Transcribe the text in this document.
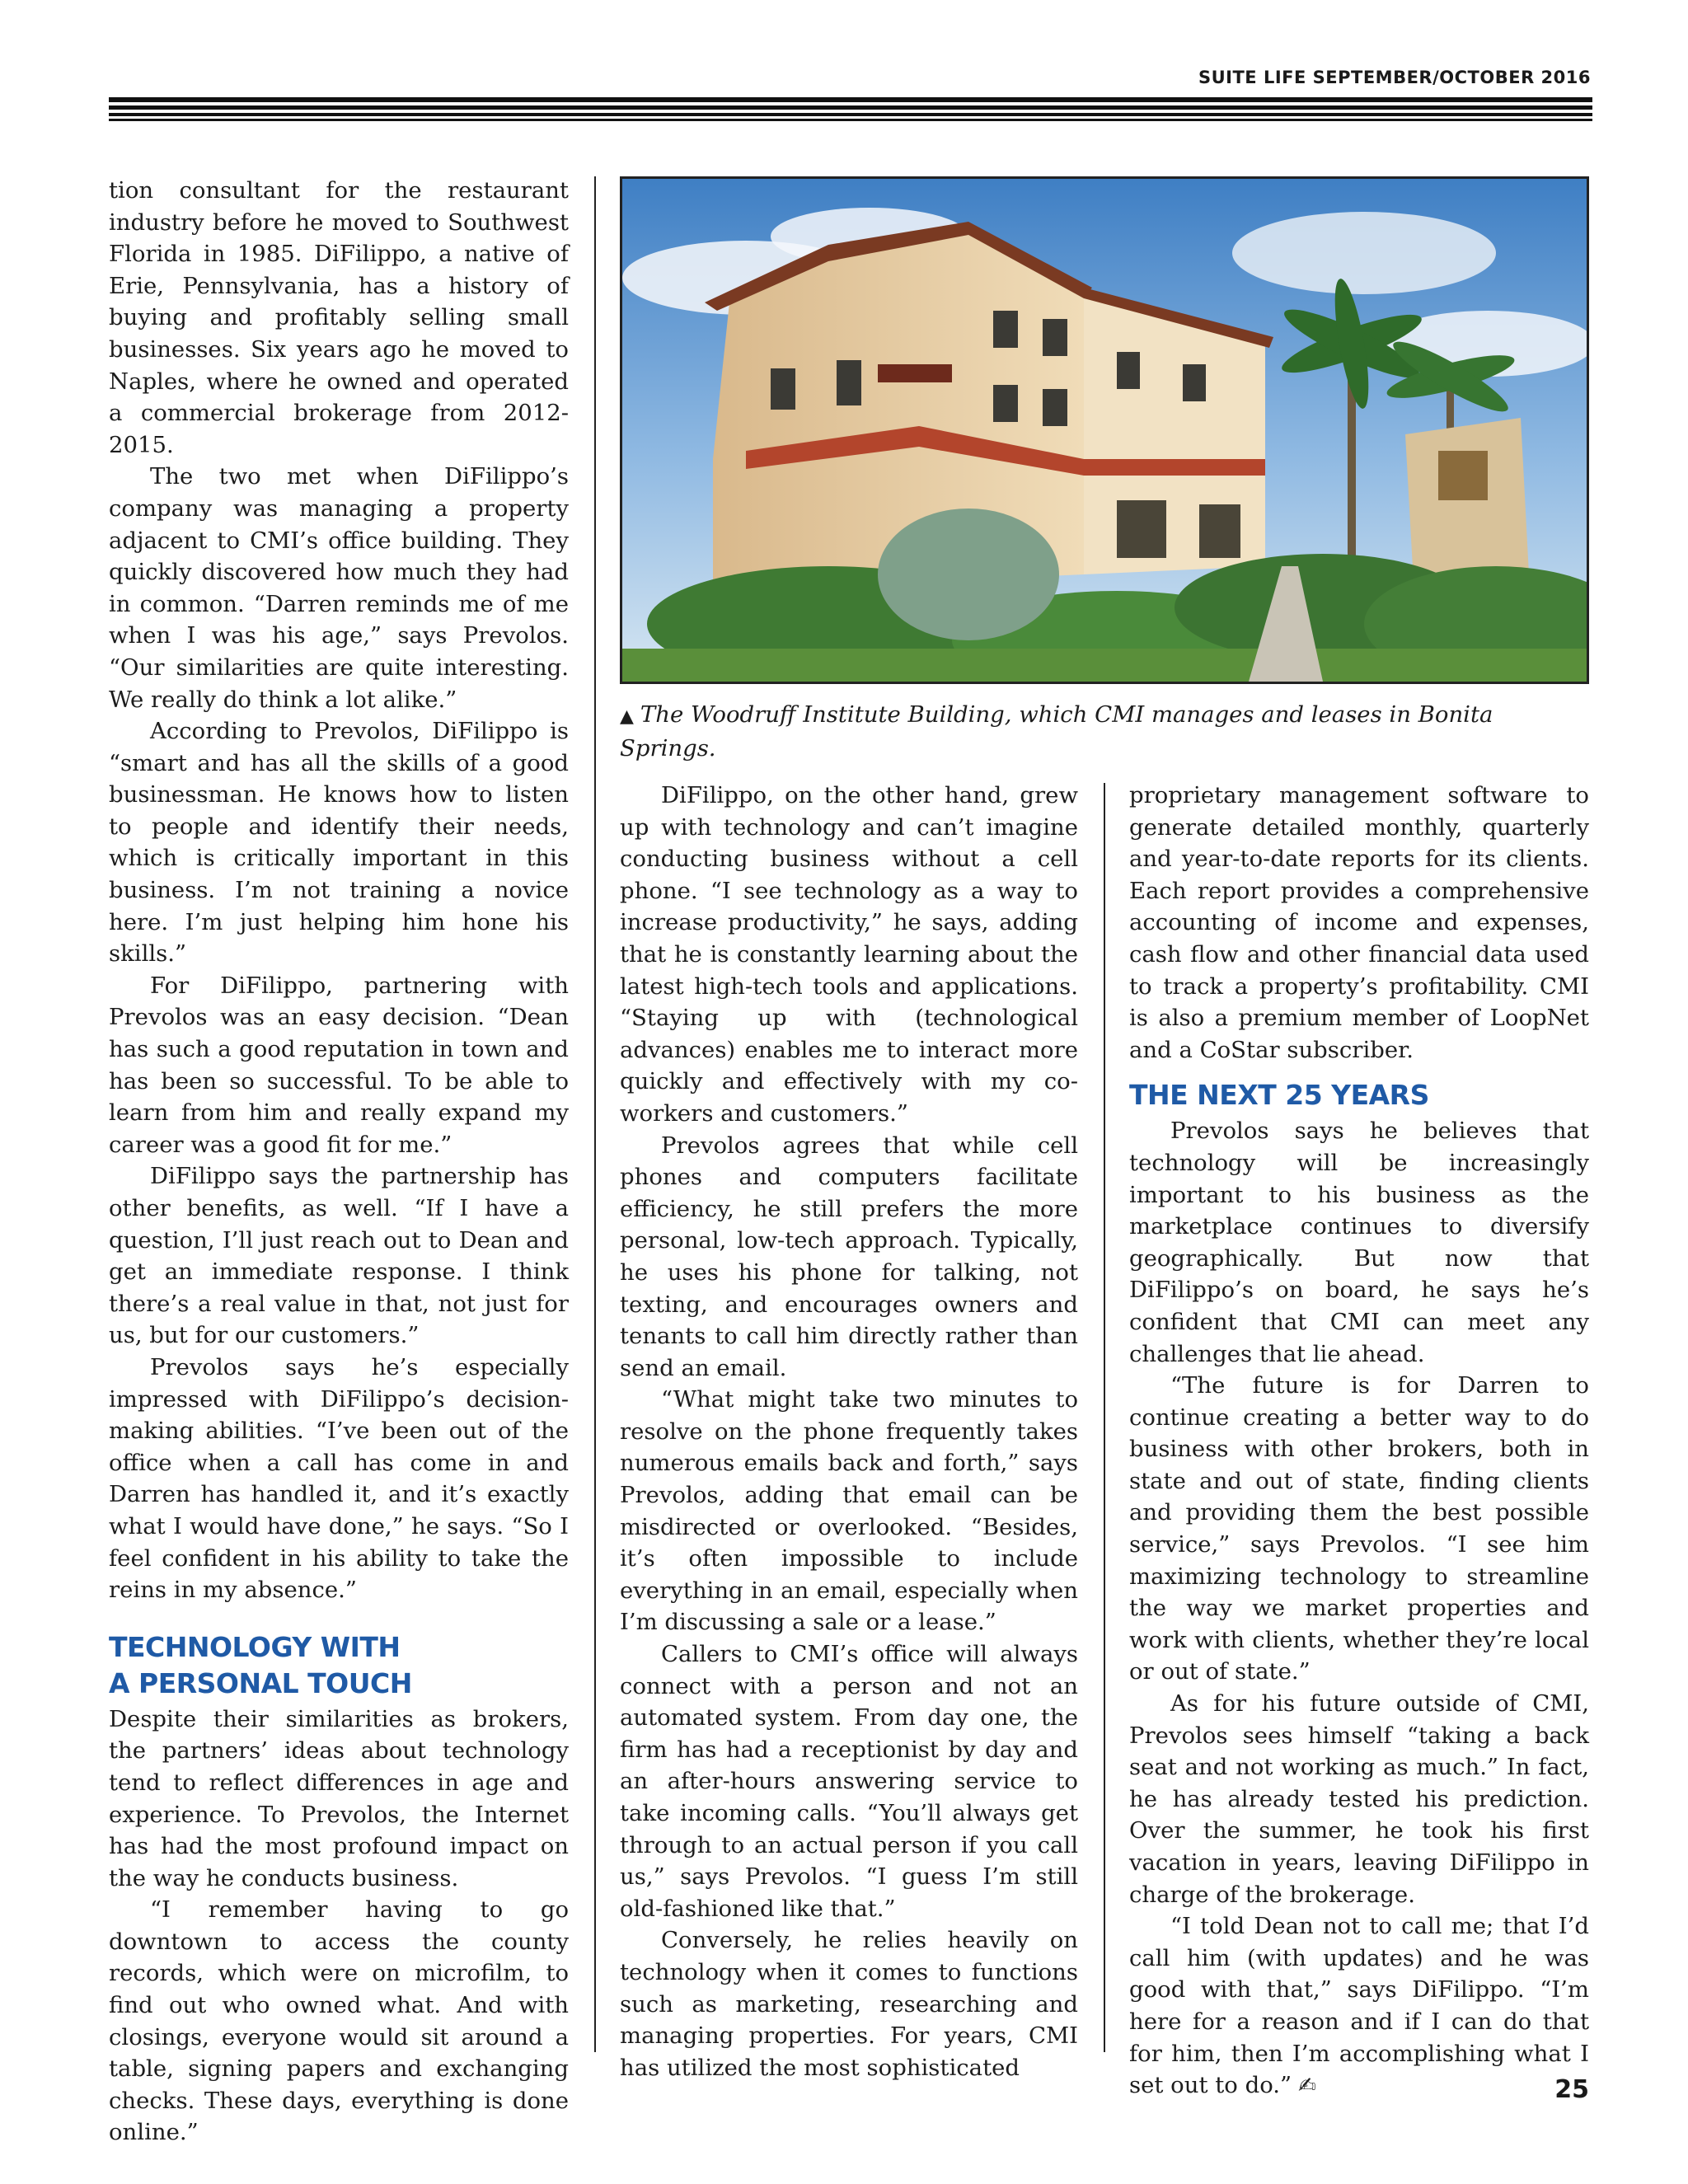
SUITE LIFE SEPTEMBER/OCTOBER 2016

tion consultant for the restaurant industry before he moved to Southwest Florida in 1985. DiFilippo, a native of Erie, Pennsylvania, has a history of buying and profitably selling small businesses. Six years ago he moved to Naples, where he owned and operated a commercial brokerage from 2012-2015.

The two met when DiFilippo’s company was managing a property adjacent to CMI’s office building. They quickly discovered how much they had in common. “Darren reminds me of me when I was his age,” says Prevolos. “Our similarities are quite interesting. We really do think a lot alike.”

According to Prevolos, DiFilippo is “smart and has all the skills of a good businessman. He knows how to listen to people and identify their needs, which is critically important in this business. I’m not training a novice here. I’m just helping him hone his skills.”

For DiFilippo, partnering with Prevolos was an easy decision. “Dean has such a good reputation in town and has been so successful. To be able to learn from him and really expand my career was a good fit for me.”

DiFilippo says the partnership has other benefits, as well. “If I have a question, I’ll just reach out to Dean and get an immediate response. I think there’s a real value in that, not just for us, but for our customers.”

Prevolos says he’s especially impressed with DiFilippo’s decision-making abilities. “I’ve been out of the office when a call has come in and Darren has handled it, and it’s exactly what I would have done,” he says. “So I feel confident in his ability to take the reins in my absence.”

TECHNOLOGY WITH
A PERSONAL TOUCH

Despite their similarities as brokers, the partners’ ideas about technology tend to reflect differences in age and experience. To Prevolos, the Internet has had the most profound impact on the way he conducts business.

“I remember having to go downtown to access the county records, which were on microfilm, to find out who owned what. And with closings, everyone would sit around a table, signing papers and exchanging checks. These days, everything is done online.”

▲ The Woodruff Institute Building, which CMI manages and leases in Bonita Springs.

DiFilippo, on the other hand, grew up with technology and can’t imagine conducting business without a cell phone. “I see technology as a way to increase productivity,” he says, adding that he is constantly learning about the latest high-tech tools and applications. “Staying up with (technological advances) enables me to interact more quickly and effectively with my co-workers and customers.”

Prevolos agrees that while cell phones and computers facilitate efficiency, he still prefers the more personal, low-tech approach. Typically, he uses his phone for talking, not texting, and encourages owners and tenants to call him directly rather than send an email.

“What might take two minutes to resolve on the phone frequently takes numerous emails back and forth,” says Prevolos, adding that email can be misdirected or overlooked. “Besides, it’s often impossible to include everything in an email, especially when I’m discussing a sale or a lease.”

Callers to CMI’s office will always connect with a person and not an automated system. From day one, the firm has had a receptionist by day and an after-hours answering service to take incoming calls. “You’ll always get through to an actual person if you call us,” says Prevolos. “I guess I’m still old-fashioned like that.”

Conversely, he relies heavily on technology when it comes to functions such as marketing, researching and managing properties. For years, CMI has utilized the most sophisticated

proprietary management software to generate detailed monthly, quarterly and year-to-date reports for its clients. Each report provides a comprehensive accounting of income and expenses, cash flow and other financial data used to track a property’s profitability. CMI is also a premium member of LoopNet and a CoStar subscriber.

THE NEXT 25 YEARS

Prevolos says he believes that technology will be increasingly important to his business as the marketplace continues to diversify geographically. But now that DiFilippo’s on board, he says he’s confident that CMI can meet any challenges that lie ahead.

“The future is for Darren to continue creating a better way to do business with other brokers, both in state and out of state, finding clients and providing them the best possible service,” says Prevolos. “I see him maximizing technology to streamline the way we market properties and work with clients, whether they’re local or out of state.”

As for his future outside of CMI, Prevolos sees himself “taking a back seat and not working as much.” In fact, he has already tested his prediction. Over the summer, he took his first vacation in years, leaving DiFilippo in charge of the brokerage.

“I told Dean not to call me; that I’d call him (with updates) and he was good with that,” says DiFilippo. “I’m here for a reason and if I can do that for him, then I’m accomplishing what I set out to do.” ✍	25
